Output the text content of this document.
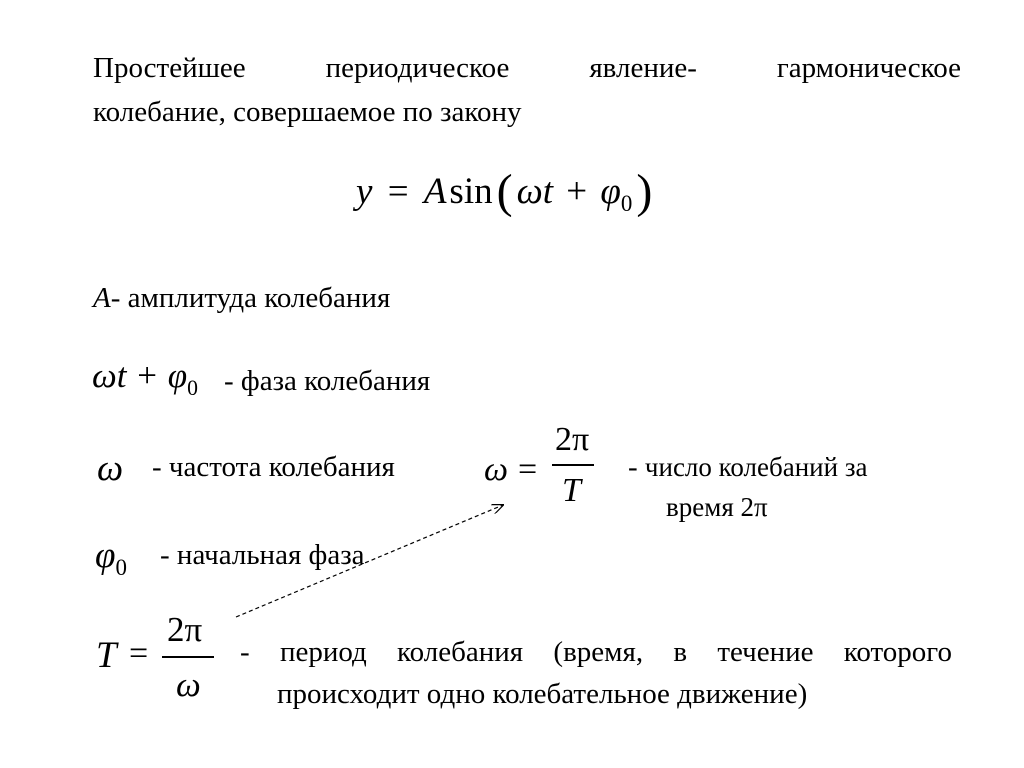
Простейшее	периодическое	явление-	гармоническое
колебание, совершаемое по закону
y = Asin( $\omega t + \varphi_0$)
A- амплитуда колебания
$\omega t + \varphi_0$ - фаза колебания
ω - частота колебания	ω =
2π
T
- число колебаний за
время 2π
$\varphi_0$ - начальная фаза
T =
2π
ω
- период колебания (время, в течение которого
происходит одно колебательное движение)
